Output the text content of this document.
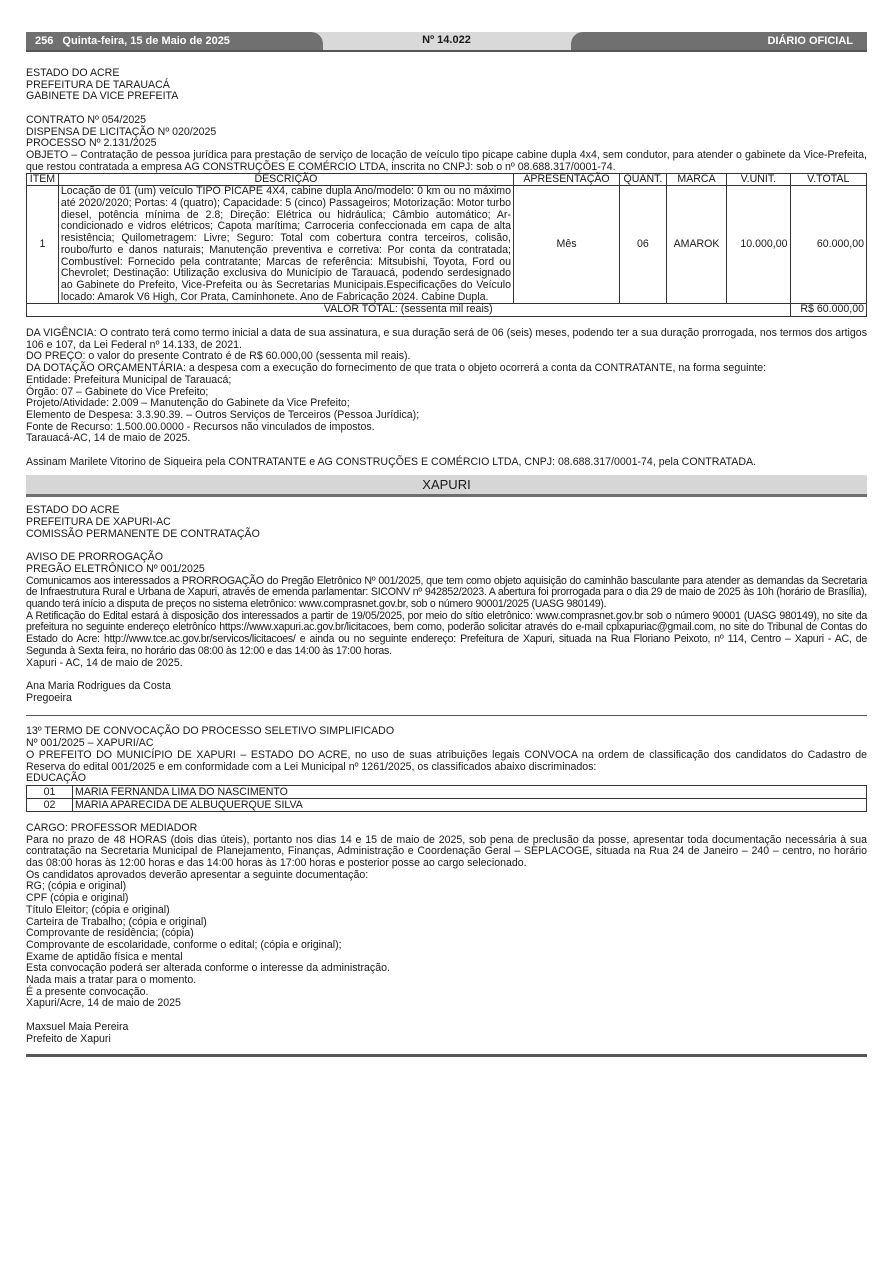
256 Quinta-feira, 15 de Maio de 2025	Nº 14.022	DIÁRIO OFICIAL

ESTADO DO ACRE

PREFEITURA DE TARAUACÁ

GABINETE DA VICE PREFEITA

CONTRATO Nº 054/2025

DISPENSA DE LICITAÇÃO Nº 020/2025

PROCESSO Nº 2.131/2025

OBJETO – Contratação de pessoa jurídica para prestação de serviço de locação de veículo tipo picape cabine dupla 4x4, sem condutor, para atender o gabinete da Vice-Prefeita, que restou contratada a empresa AG CONSTRUÇÕES E COMÉRCIO LTDA, inscrita no CNPJ: sob o nº 08.688.317/0001-74.

ITEM	DESCRIÇÃO	APRESENTAÇÃO	QUANT.	MARCA	V.UNIT.	V.TOTAL
1	Locação de 01 (um) veículo TIPO PICAPE 4X4, cabine dupla Ano/modelo: 0 km ou no máximo até 2020/2020; Portas: 4 (quatro); Capacidade: 5 (cinco) Passageiros; Motorização: Motor turbo diesel, potência mínima de 2.8; Direção: Elétrica ou hidráulica; Câmbio automático; Ar-condicionado e vidros elétricos; Capota marítima; Carroceria confeccionada em capa de alta resistência; Quilometragem: Livre; Seguro: Total com cobertura contra terceiros, colisão, roubo/furto e danos naturais; Manutenção preventiva e corretiva: Por conta da contratada; Combustível: Fornecido pela contratante; Marcas de referência: Mitsubishi, Toyota, Ford ou Chevrolet; Destinação: Utilização exclusiva do Município de Tarauacá, podendo serdesignado ao Gabinete do Prefeito, Vice-Prefeita ou às Secretarias Municipais.Especificações do Veículo locado: Amarok V6 High, Cor Prata, Caminhonete. Ano de Fabricação 2024. Cabine Dupla.	Mês	06	AMAROK	10.000,00	60.000,00
VALOR TOTAL: (sessenta mil reais)						R$ 60.000,00

DA VIGÊNCIA: O contrato terá como termo inicial a data de sua assinatura, e sua duração será de 06 (seis) meses, podendo ter a sua duração prorrogada, nos termos dos artigos 106 e 107, da Lei Federal nº 14.133, de 2021.

DO PREÇO: o valor do presente Contrato é de R$ 60.000,00 (sessenta mil reais).

DA DOTAÇÃO ORÇAMENTÁRIA: a despesa com a execução do fornecimento de que trata o objeto ocorrerá a conta da CONTRATANTE, na forma seguinte:

Entidade: Prefeitura Municipal de Tarauacá;

Órgão: 07 – Gabinete do Vice Prefeito;

Projeto/Atividade: 2.009 – Manutenção do Gabinete da Vice Prefeito;

Elemento de Despesa: 3.3.90.39. – Outros Serviços de Terceiros (Pessoa Jurídica);

Fonte de Recurso: 1.500.00.0000 - Recursos não vinculados de impostos.

Tarauacá-AC, 14 de maio de 2025.

Assinam Marilete Vitorino de Siqueira pela CONTRATANTE e AG CONSTRUÇÕES E COMÉRCIO LTDA, CNPJ: 08.688.317/0001-74, pela CONTRATADA.

XAPURI

ESTADO DO ACRE

PREFEITURA DE XAPURI-AC

COMISSÃO PERMANENTE DE CONTRATAÇÃO

AVISO DE PRORROGAÇÃO

PREGÃO ELETRÔNICO Nº 001/2025

Comunicamos aos interessados a PRORROGAÇÃO do Pregão Eletrônico Nº 001/2025, que tem como objeto aquisição do caminhão basculante para atender as demandas da Secretaria de Infraestrutura Rural e Urbana de Xapuri, através de emenda parlamentar: SICONV nº 942852/2023. A abertura foi prorrogada para o dia 29 de maio de 2025 às 10h (horário de Brasília), quando terá início a disputa de preços no sistema eletrônico: www.comprasnet.gov.br, sob o número 90001/2025 (UASG 980149).

A Retificação do Edital estará à disposição dos interessados a partir de 19/05/2025, por meio do sítio eletrônico: www.comprasnet.gov.br sob o número 90001 (UASG 980149), no site da prefeitura no seguinte endereço eletrônico https://www.xapuri.ac.gov.br/licitacoes, bem como, poderão solicitar através do e-mail cplxapuriac@gmail.com, no site do Tribunal de Contas do Estado do Acre: http://www.tce.ac.gov.br/servicos/licitacoes/ e ainda ou no seguinte endereço: Prefeitura de Xapuri, situada na Rua Floriano Peixoto, nº 114, Centro – Xapuri - AC, de Segunda à Sexta feira, no horário das 08:00 às 12:00 e das 14:00 às 17:00 horas.

Xapuri - AC, 14 de maio de 2025.

Ana Maria Rodrigues da Costa

Pregoeira

13º TERMO DE CONVOCAÇÃO DO PROCESSO SELETIVO SIMPLIFICADO

Nº 001/2025 – XAPURI/AC

O PREFEITO DO MUNICÍPIO DE XAPURI – ESTADO DO ACRE, no uso de suas atribuições legais CONVOCA na ordem de classificação dos candidatos do Cadastro de Reserva do edital 001/2025 e em conformidade com a Lei Municipal nº 1261/2025, os classificados abaixo discriminados:

EDUCAÇÃO

01	MARIA FERNANDA LIMA DO NASCIMENTO
02	MARIA APARECIDA DE ALBUQUERQUE SILVA

CARGO: PROFESSOR MEDIADOR

Para no prazo de 48 HORAS (dois dias úteis), portanto nos dias 14 e 15 de maio de 2025, sob pena de preclusão da posse, apresentar toda documentação necessária à sua contratação na Secretaria Municipal de Planejamento, Finanças, Administração e Coordenação Geral – SEPLACOGE, situada na Rua 24 de Janeiro – 240 – centro, no horário das 08:00 horas às 12:00 horas e das 14:00 horas às 17:00 horas e posterior posse ao cargo selecionado.

Os candidatos aprovados deverão apresentar a seguinte documentação:

RG; (cópia e original)

CPF (cópia e original)

Título Eleitor; (cópia e original)

Carteira de Trabalho; (cópia e original)

Comprovante de residência; (cópia)

Comprovante de escolaridade, conforme o edital; (cópia e original);

Exame de aptidão física e mental

Esta convocação poderá ser alterada conforme o interesse da administração.

Nada mais a tratar para o momento.

É a presente convocação.

Xapuri/Acre, 14 de maio de 2025

Maxsuel Maia Pereira

Prefeito de Xapuri
